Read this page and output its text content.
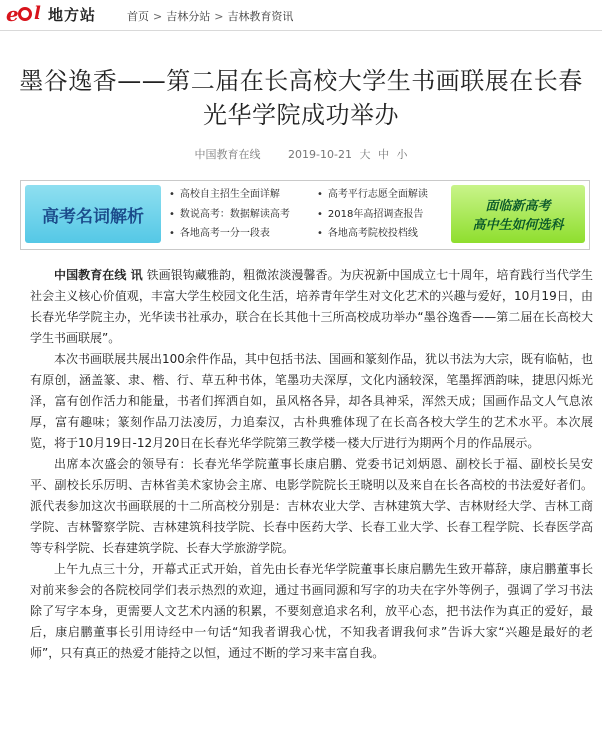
e l 地方站	首页 > 吉林分站 > 吉林教育资讯
墨谷逸香——第二届在长高校大学生书画联展在长春光华学院成功举办
中国教育在线	2019-10-21 大 中 小
高考名词解析
• 高校自主招生全面详解
• 数说高考：数据解读高考
• 各地高考一分一段表
• 高考平行志愿全面解读
• 2018年高招调查报告
• 各地高考院校投档线
面临新高考
高中生如何选科

中国教育在线 讯 铁画银钩藏雅韵，粗微浓淡漫馨香。为庆祝新中国成立七十周年，培育践行当代学生社会主义核心价值观，丰富大学生校园文化生活，培养青年学生对文化艺术的兴趣与爱好，10月19日，由长春光华学院主办，光华读书社承办，联合在长其他十三所高校成功举办“墨谷逸香——第二届在长高校大学生书画联展”。

本次书画联展共展出100余件作品，其中包括书法、国画和篆刻作品，犹以书法为大宗，既有临帖，也有原创，涵盖篆、隶、楷、行、草五种书体，笔墨功夫深厚，文化内涵较深，笔墨挥洒韵味，捷思闪烁光泽，富有创作活力和能量，书者们挥洒自如，虽风格各异，却各具神采，浑然天成；国画作品文人气息浓厚，富有趣味；篆刻作品刀法凌厉，力追秦汉，古朴典雅体现了在长高各校大学生的艺术水平。本次展览，将于10月19日-12月20日在长春光华学院第三教学楼一楼大厅进行为期两个月的作品展示。

出席本次盛会的领导有：长春光华学院董事长康启鹏、党委书记刘炳恩、副校长于福、副校长吴安平、副校长乐厉明、吉林省美术家协会主席、电影学院院长王晓明以及来自在长各高校的书法爱好者们。派代表参加这次书画联展的十二所高校分别是：吉林农业大学、吉林建筑大学、吉林财经大学、吉林工商学院、吉林警察学院、吉林建筑科技学院、长春中医药大学、长春工业大学、长春工程学院、长春医学高等专科学院、长春建筑学院、长春大学旅游学院。

上午九点三十分，开幕式正式开始，首先由长春光华学院董事长康启鹏先生致开幕辞，康启鹏董事长对前来参会的各院校同学们表示热烈的欢迎，通过书画同源和写字的功夫在字外等例子，强调了学习书法除了写字本身，更需要人文艺术内涵的积累，不要刻意追求名利，放平心态，把书法作为真正的爱好，最后，康启鹏董事长引用诗经中一句话“知我者谓我心忧，不知我者谓我何求”告诉大家“兴趣是最好的老师”，只有真正的热爱才能持之以恒，通过不断的学习来丰富自我。
